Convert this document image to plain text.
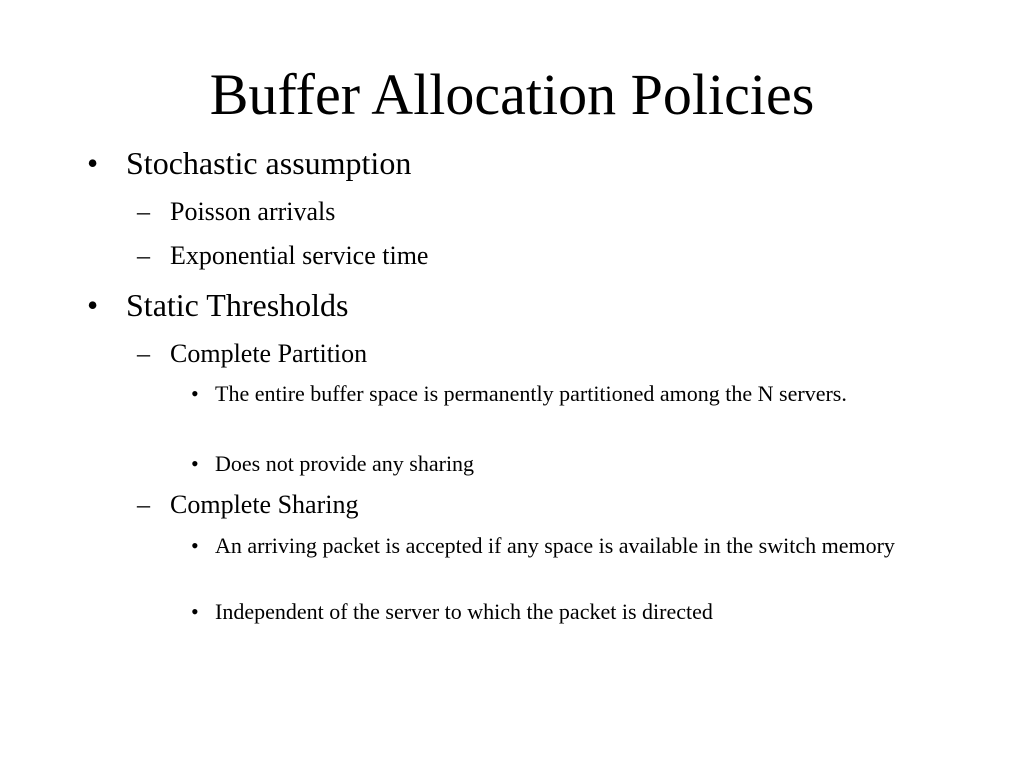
Buffer Allocation Policies
• Stochastic assumption
– Poisson arrivals
– Exponential service time
• Static Thresholds
– Complete Partition
• The entire buffer space is permanently partitioned among the N servers.
• Does not provide any sharing
– Complete Sharing
• An arriving packet is accepted if any space is available in the switch memory
• Independent of the server to which the packet is directed
